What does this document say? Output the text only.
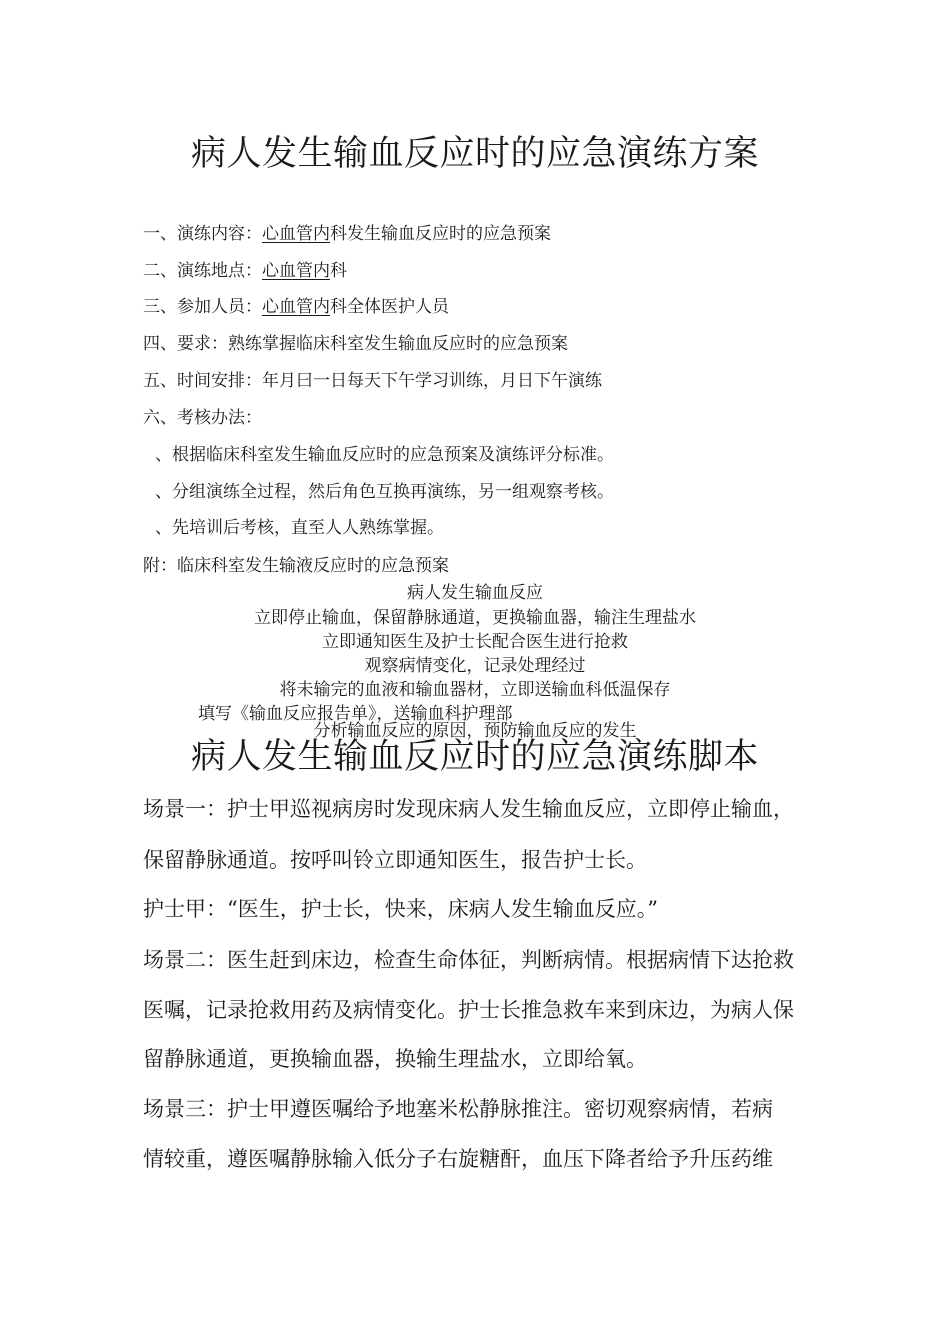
病人发生输血反应时的应急演练方案
一、演练内容：心血管内科发生输血反应时的应急预案
二、演练地点：心血管内科
三、参加人员：心血管内科全体医护人员
四、要求：熟练掌握临床科室发生输血反应时的应急预案
五、时间安排：年月曰一日每天下午学习训练，月日下午演练
六、考核办法：
、根据临床科室发生输血反应时的应急预案及演练评分标准。
、分组演练全过程，然后角色互换再演练，另一组观察考核。
、先培训后考核，直至人人熟练掌握。
附：临床科室发生输液反应时的应急预案
病人发生输血反应
立即停止输血，保留静脉通道，更换输血器，输注生理盐水
立即通知医生及护士长配合医生进行抢救
观察病情变化，记录处理经过
将未输完的血液和输血器材，立即送输血科低温保存
填写《输血反应报告单》，送输血科护理部
分析输血反应的原因，预防输血反应的发生
病人发生输血反应时的应急演练脚本
场景一：护士甲巡视病房时发现床病人发生输血反应，立即停止输血，
保留静脉通道。按呼叫铃立即通知医生，报告护士长。
护士甲：“医生，护士长，快来，床病人发生输血反应。”
场景二：医生赶到床边，检查生命体征，判断病情。根据病情下达抢救
医嘱，记录抢救用药及病情变化。护士长推急救车来到床边，为病人保
留静脉通道，更换输血器，换输生理盐水，立即给氧。
场景三：护士甲遵医嘱给予地塞米松静脉推注。密切观察病情，若病
情较重，遵医嘱静脉输入低分子右旋糖酐，血压下降者给予升压药维
